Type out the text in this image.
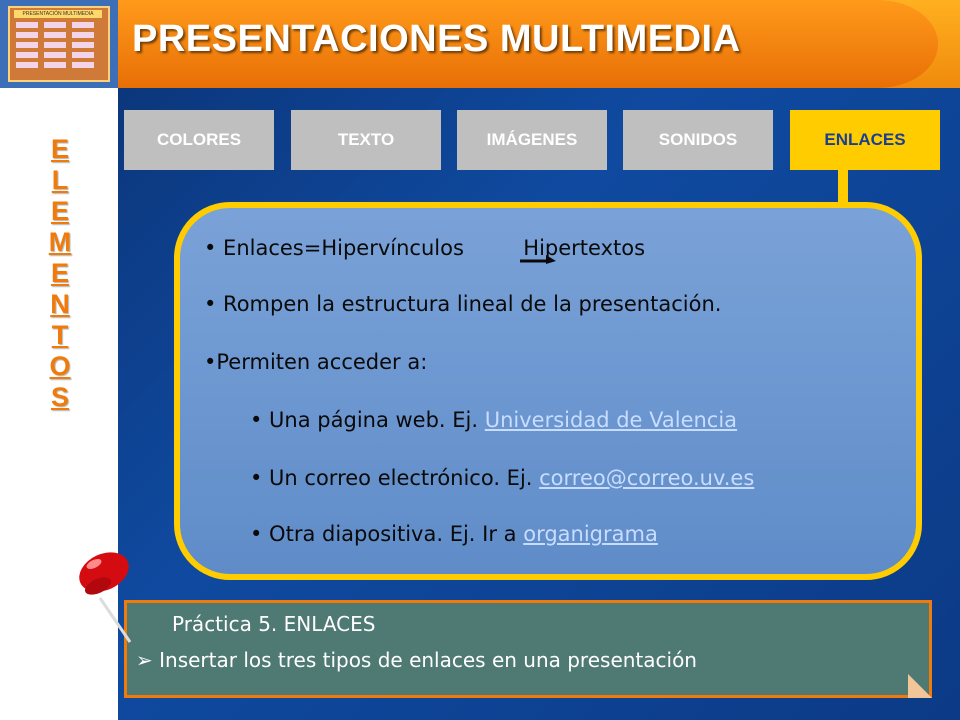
PRESENTACIONES MULTIMEDIA
PRESENTACIÓN MULTIMEDIA

E
L
E
M
E
N
T
O
S

COLORES	TEXTO	IMÁGENES	SONIDOS	ENLACES
• Enlaces=Hipervínculos	Hipertextos
• Rompen la estructura lineal de la presentación.
•Permiten acceder a:
• Una página web. Ej. Universidad de Valencia
• Un correo electrónico. Ej. correo@correo.uv.es
• Otra diapositiva. Ej. Ir a organigrama
Práctica 5. ENLACES
➢ Insertar los tres tipos de enlaces en una presentación
